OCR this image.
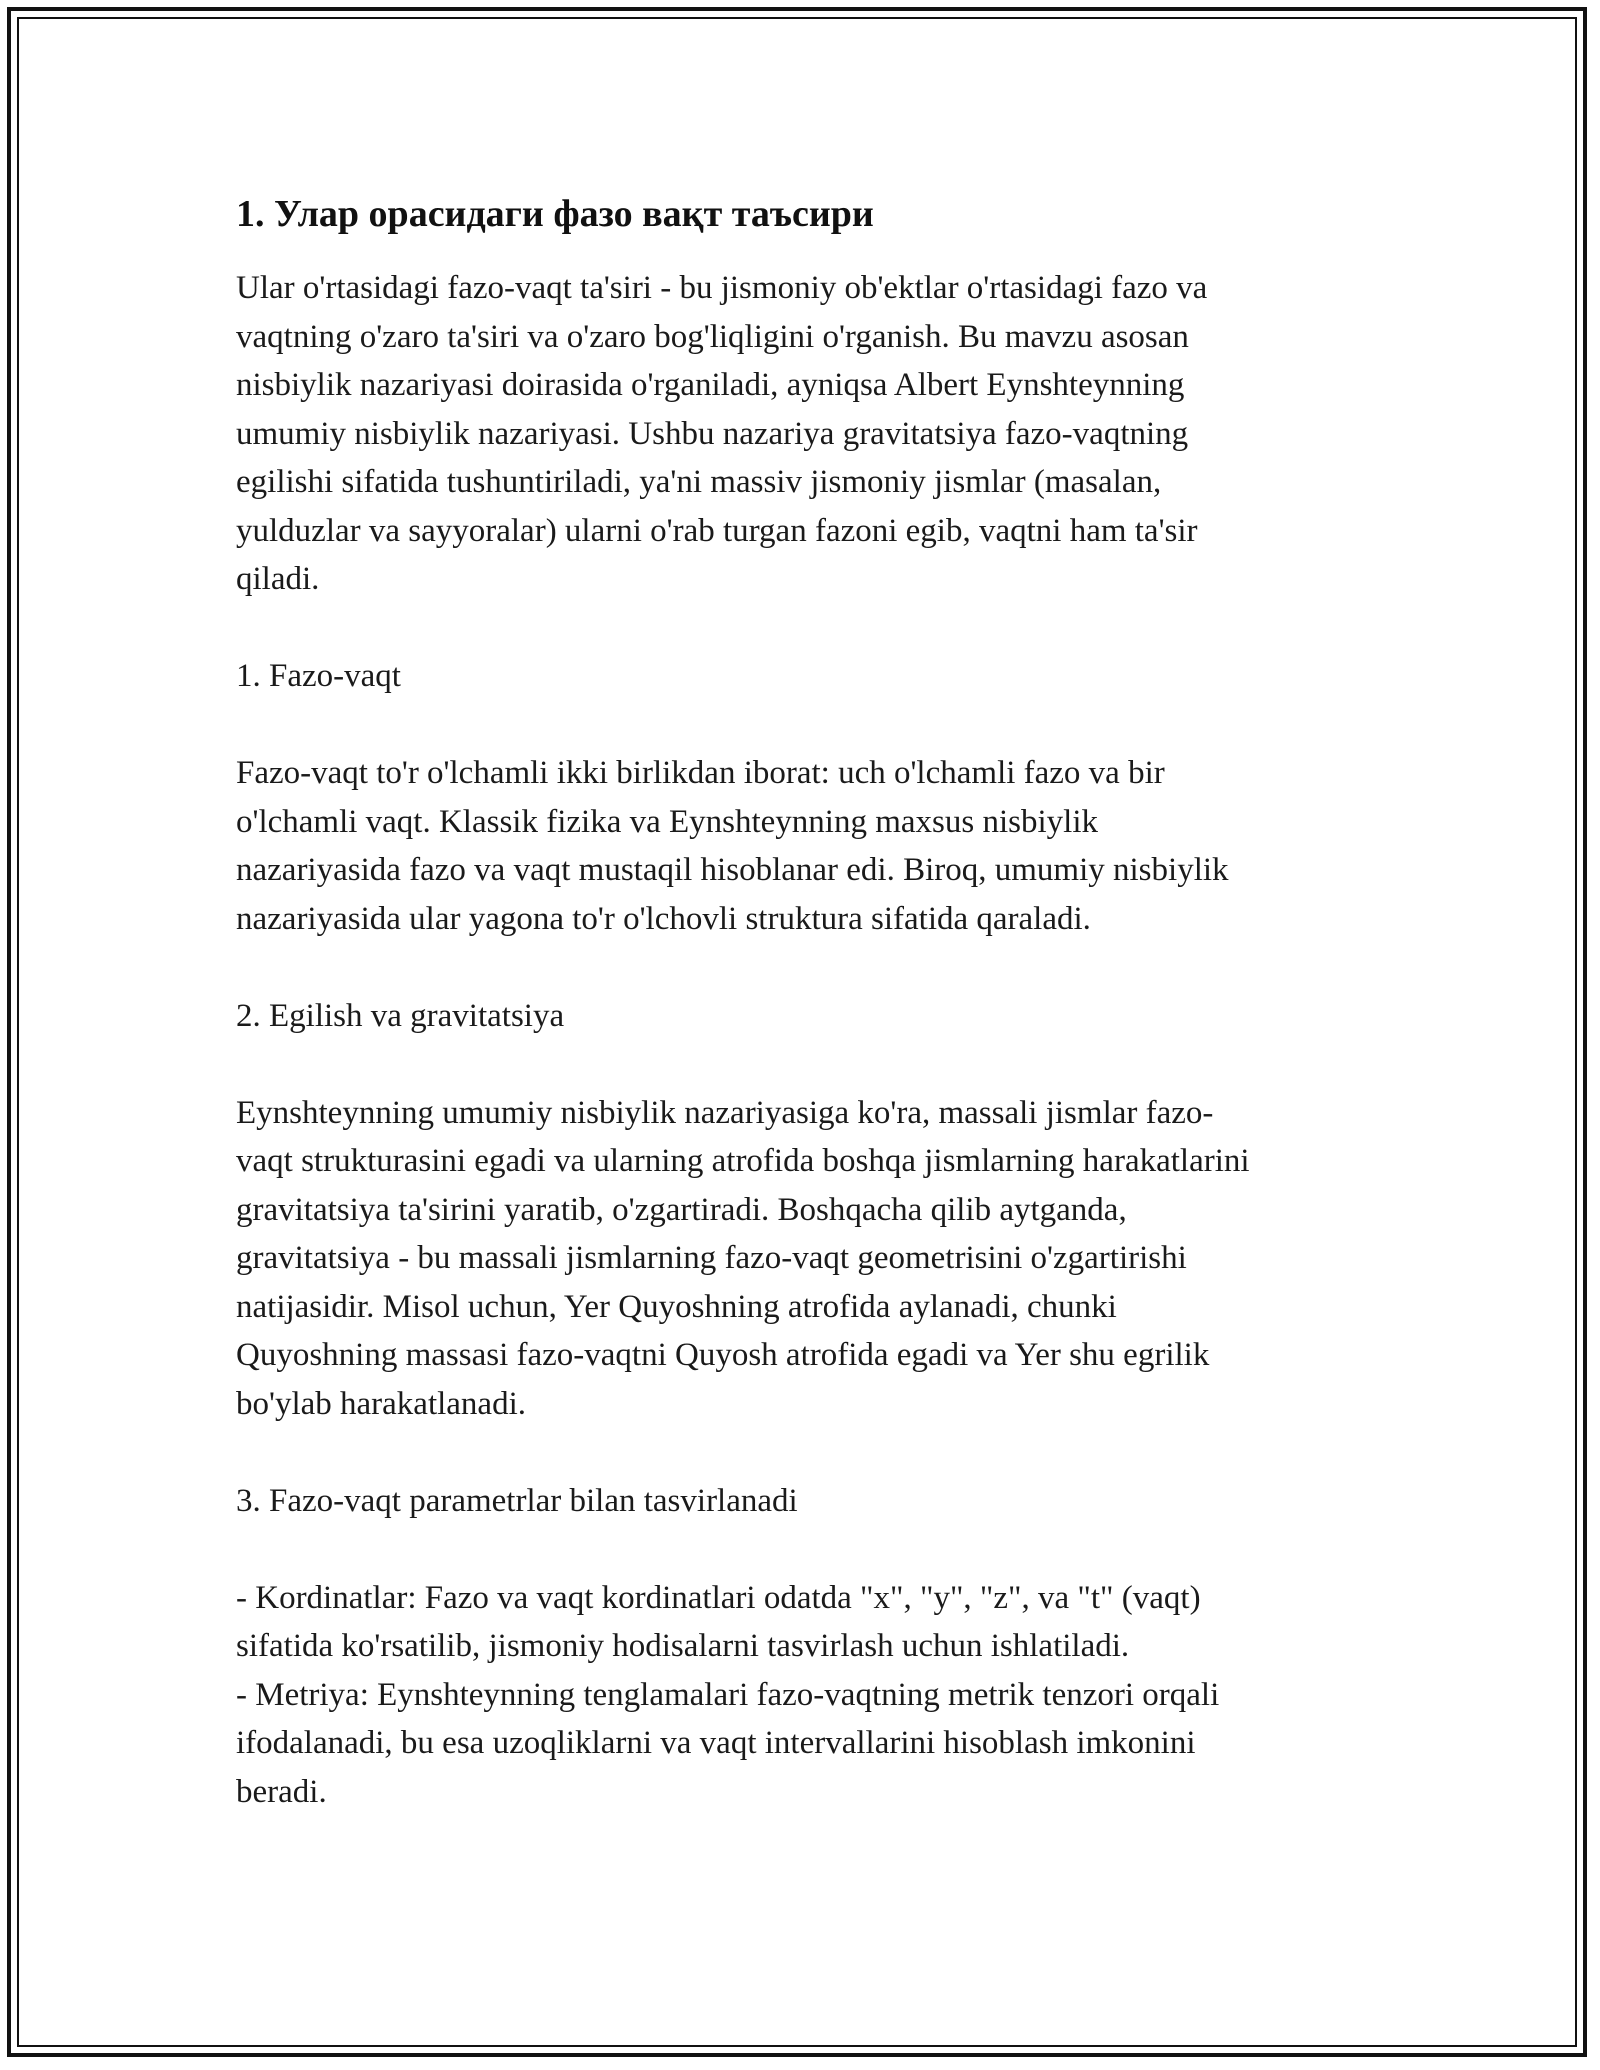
1. Улар орасидаги фазо вақт таъсири

Ular o'rtasidagi fazo-vaqt ta'siri - bu jismoniy ob'ektlar o'rtasidagi fazo va
vaqtning o'zaro ta'siri va o'zaro bog'liqligini o'rganish. Bu mavzu asosan
nisbiylik nazariyasi doirasida o'rganiladi, ayniqsa Albert Eynshteynning
umumiy nisbiylik nazariyasi. Ushbu nazariya gravitatsiya fazo-vaqtning
egilishi sifatida tushuntiriladi, ya'ni massiv jismoniy jismlar (masalan,
yulduzlar va sayyoralar) ularni o'rab turgan fazoni egib, vaqtni ham ta'sir
qiladi.

1. Fazo-vaqt

Fazo-vaqt to'r o'lchamli ikki birlikdan iborat: uch o'lchamli fazo va bir
o'lchamli vaqt. Klassik fizika va Eynshteynning maxsus nisbiylik
nazariyasida fazo va vaqt mustaqil hisoblanar edi. Biroq, umumiy nisbiylik
nazariyasida ular yagona to'r o'lchovli struktura sifatida qaraladi.

2. Egilish va gravitatsiya

Eynshteynning umumiy nisbiylik nazariyasiga ko'ra, massali jismlar fazo-
vaqt strukturasini egadi va ularning atrofida boshqa jismlarning harakatlarini
gravitatsiya ta'sirini yaratib, o'zgartiradi. Boshqacha qilib aytganda,
gravitatsiya - bu massali jismlarning fazo-vaqt geometrisini o'zgartirishi
natijasidir. Misol uchun, Yer Quyoshning atrofida aylanadi, chunki
Quyoshning massasi fazo-vaqtni Quyosh atrofida egadi va Yer shu egrilik
bo'ylab harakatlanadi.

3. Fazo-vaqt parametrlar bilan tasvirlanadi

- Kordinatlar: Fazo va vaqt kordinatlari odatda "x", "y", "z", va "t" (vaqt)
sifatida ko'rsatilib, jismoniy hodisalarni tasvirlash uchun ishlatiladi.
- Metriya: Eynshteynning tenglamalari fazo-vaqtning metrik tenzori orqali
ifodalanadi, bu esa uzoqliklarni va vaqt intervallarini hisoblash imkonini
beradi.
